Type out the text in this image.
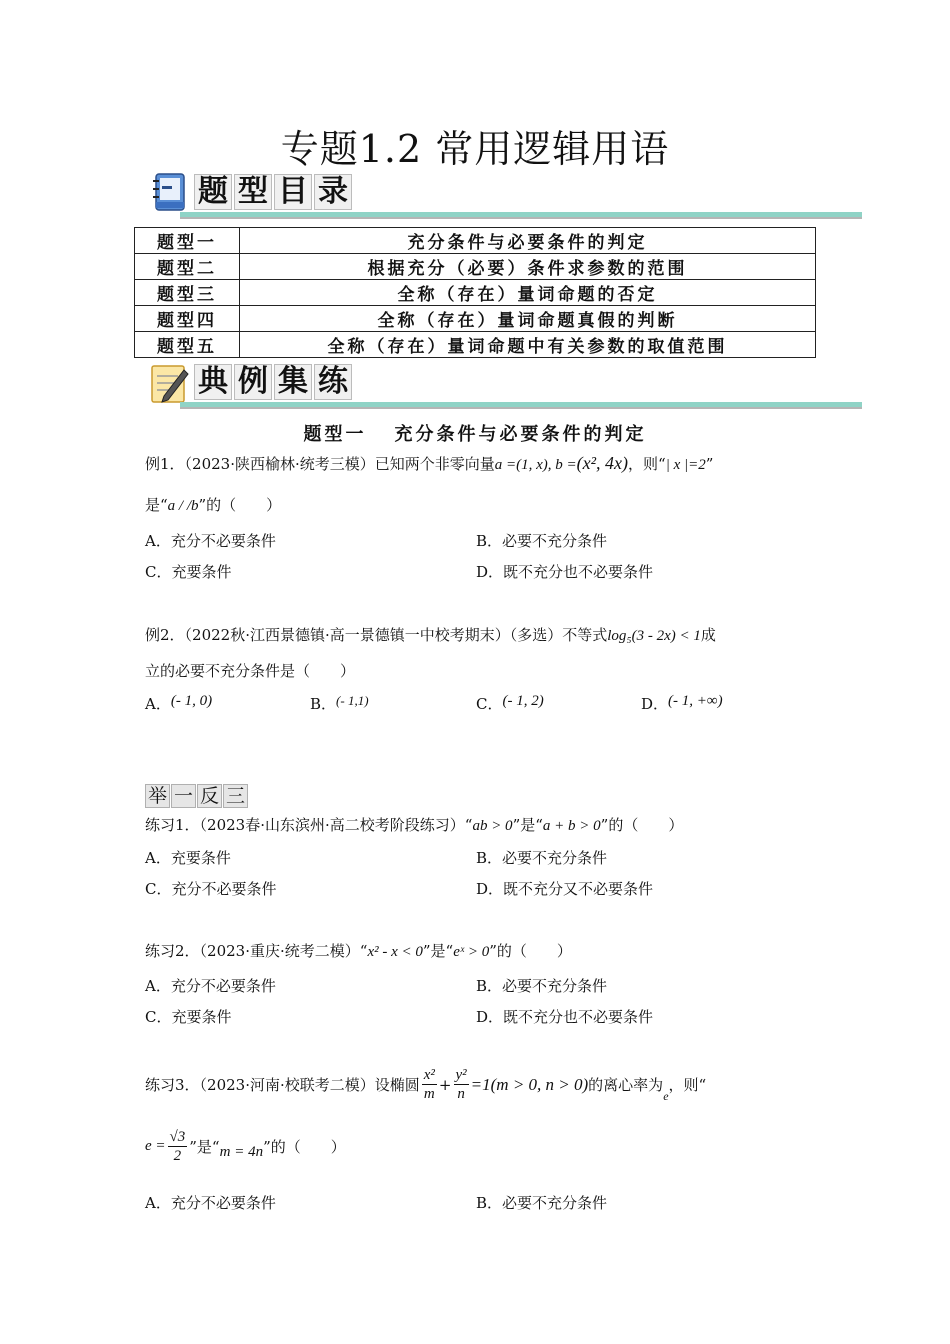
专题1.2 常用逻辑用语
题 型 目 录
题型一	充分条件与必要条件的判定
题型二	根据充分（必要）条件求参数的范围
题型三	全称（存在）量词命题的否定
题型四	全称（存在）量词命题真假的判断
题型五	全称（存在）量词命题中有关参数的取值范围
典 例 集 练
题型一 充分条件与必要条件的判定
例1．（2023·陕西榆林·统考三模）已知两个非零向量a =(1, x), b =(x², 4x)，则“| x |=2”
是“a / /b”的（　　）
A．充分不必要条件	B．必要不充分条件
C．充要条件	D．既不充分也不必要条件
例2．（2022秋·江西景德镇·高一景德镇一中校考期末）（多选）不等式log₅(3 - 2x) < 1成
立的必要不充分条件是（　　）
A．(- 1, 0)	B．(- 1,1)	C．(- 1, 2)	D．(- 1, +∞)
举 一 反 三
练习1．（2023春·山东滨州·高二校考阶段练习）“ab > 0”是“a + b > 0”的（　　）
A．充要条件	B．必要不充分条件
C．充分不必要条件	D．既不充分又不必要条件
练习2．（2023·重庆·统考二模）“x² - x < 0”是“eˣ > 0”的（　　）
A．充分不必要条件	B．必要不充分条件
C．充要条件	D．既不充分也不必要条件
练习3．（2023·河南·校联考二模）设椭圆 $\frac{\text{x²}}{m} + \frac{\text{y²}}{n} =1(m > 0$, n > 0) 的离心率为
e
，则“
$e = \frac{√3}{2}$ ”是“ m = 4n ”的（　　）
A．充分不必要条件	B．必要不充分条件
